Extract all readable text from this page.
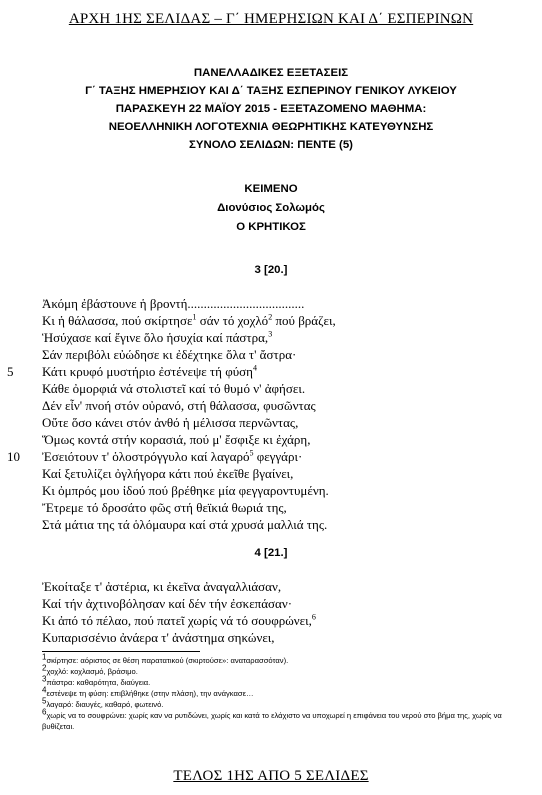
ΑΡΧΗ 1ΗΣ ΣΕΛΙΔΑΣ – Γ΄ ΗΜΕΡΗΣΙΩΝ ΚΑΙ Δ΄ ΕΣΠΕΡΙΝΩΝ
ΠΑΝΕΛΛΑΔΙΚΕΣ ΕΞΕΤΑΣΕΙΣ
Γ΄ ΤΑΞΗΣ ΗΜΕΡΗΣΙΟΥ ΚΑΙ Δ΄ ΤΑΞΗΣ ΕΣΠΕΡΙΝΟΥ ΓΕΝΙΚΟΥ ΛΥΚΕΙΟΥ
ΠΑΡΑΣΚΕΥΗ 22 ΜΑΪΟΥ 2015 - ΕΞΕΤΑΖΟΜΕΝΟ ΜΑΘΗΜΑ:
ΝΕΟΕΛΛΗΝΙΚΗ ΛΟΓΟΤΕΧΝΙΑ ΘΕΩΡΗΤΙΚΗΣ ΚΑΤΕΥΘΥΝΣΗΣ
ΣΥΝΟΛΟ ΣΕΛΙΔΩΝ: ΠΕΝΤΕ (5)
ΚΕΙΜΕΝΟ
Διονύσιος Σολωμός
Ο ΚΡΗΤΙΚΟΣ
3 [20.]
Ἀκόμη ἐβάστουνε ἡ βροντή....................................
Κι ἡ θάλασσα, πού σκίρτησε$^1$ σάν τό χοχλό$^2$ πού βράζει,
Ἡσύχασε καί ἔγινε ὅλο ἡσυχία καί πάστρα,$^3$
Σάν περιβόλι εὐώδησε κι ἐδέχτηκε ὅλα τ' ἄστρα·
5 Κάτι κρυφό μυστήριο ἐστένεψε τή φύση$^4$
Κάθε ὀμορφιά νά στολιστεῖ καί τό θυμό ν' ἀφήσει.
Δέν εἶν' πνοή στόν οὐρανό, στή θάλασσα, φυσῶντας
Οὔτε ὅσο κάνει στόν ἀνθό ἡ μέλισσα περνῶντας,
Ὅμως κοντά στήν κορασιά, πού μ' ἔσφιξε κι ἐχάρη,
10 Ἐσειότουν τ' ὁλοστρόγγυλο καί λαγαρό$^5$ φεγγάρι·
Καί ξετυλίζει ὀγλήγορα κάτι πού ἐκεῖθε βγαίνει,
Κι ὀμπρός μου ἰδού πού βρέθηκε μία φεγγαροντυμένη.
Ἔτρεμε τό δροσάτο φῶς στή θεϊκιά θωριά της,
Στά μάτια της τά ὁλόμαυρα καί στά χρυσά μαλλιά της.
4 [21.]
Ἐκοίταξε τ' ἀστέρια, κι ἐκεῖνα ἀναγαλλιάσαν,
Καί τήν ἀχτινοβόλησαν καί δέν τήν ἐσκεπάσαν·
Κι ἀπό τό πέλαο, πού πατεῖ χωρίς νά τό σουφρώνει,$^6$
Κυπαρισσένιο ἀνάερα τ' ἀνάστημα σηκώνει,
$^1$σκίρτησε: αόριστος σε θέση παρατατικού (σκιρτούσε»: αναταρασσόταν).
$^2$χοχλό: κοχλασμό, βράσιμο.
$^3$πάστρα: καθαρότητα, διαύγεια.
$^4$εστένεψε τη φύση: επιβλήθηκε (στην πλάση), την ανάγκασε…
$^5$λαγαρό: διαυγές, καθαρό, φωτεινό.
$^6$χωρίς να το σουφρώνει: χωρίς καν να ρυτιδώνει, χωρίς και κατά το ελάχιστο να υποχωρεί η επιφάνεια του νερού στο βήμα της, χωρίς να βυθίζεται.
ΤΕΛΟΣ 1ΗΣ ΑΠΟ 5 ΣΕΛΙΔΕΣ
